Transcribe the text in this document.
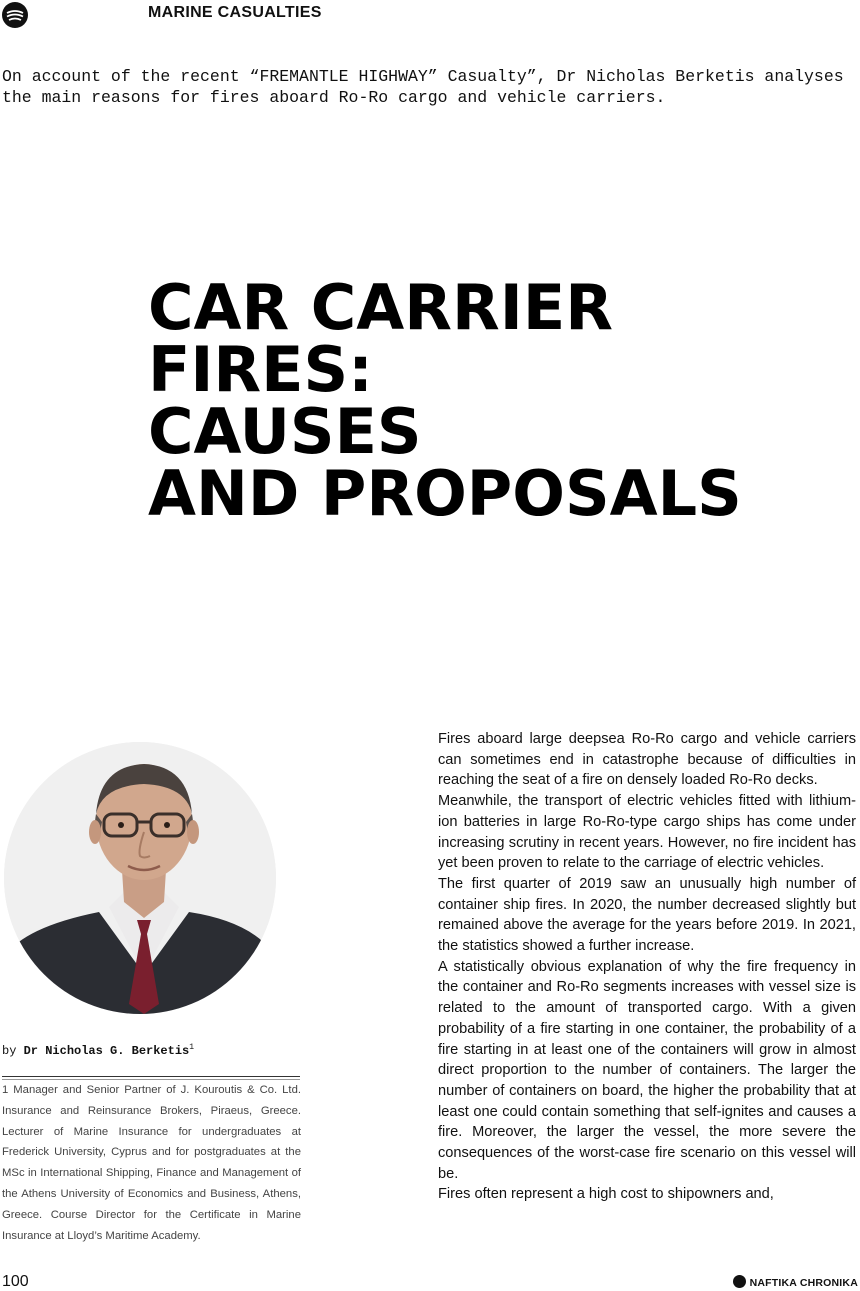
MARINE CASUALTIES
On account of the recent “FREMANTLE HIGHWAY” Casualty”, Dr Nicholas Berketis analyses the main reasons for fires aboard Ro-Ro cargo and vehicle carriers.
CAR CARRIER
FIRES:
CAUSES
AND PROPOSALS
by Dr Nicholas G. Berketis$^1$
1 Manager and Senior Partner of J. Kouroutis & Co. Ltd. Insurance and Reinsurance Brokers, Piraeus, Greece. Lecturer of Marine Insurance for undergraduates at Frederick University, Cyprus and for postgraduates at the MSc in International Shipping, Finance and Management of the Athens University of Economics and Business, Athens, Greece. Course Director for the Certificate in Marine Insurance at Lloyd’s Maritime Academy.

Fires aboard large deepsea Ro-Ro cargo and vehicle carriers can sometimes end in catastrophe because of difficulties in reaching the seat of a fire on densely loaded Ro-Ro decks.

Meanwhile, the transport of electric vehicles fitted with lithium-ion batteries in large Ro-Ro-type cargo ships has come under increasing scrutiny in recent years. However, no fire incident has yet been proven to relate to the carriage of electric vehicles.

The first quarter of 2019 saw an unusually high number of container ship fires. In 2020, the number decreased slightly but remained above the average for the years before 2019. In 2021, the statistics showed a further increase.

A statistically obvious explanation of why the fire frequency in the container and Ro-Ro segments increases with vessel size is related to the amount of transported cargo. With a given probability of a fire starting in one container, the probability of a fire starting in at least one of the containers will grow in almost direct proportion to the number of containers. The larger the number of containers on board, the higher the probability that at least one could contain something that self-ignites and causes a fire. Moreover, the larger the vessel, the more severe the consequences of the worst-case fire scenario on this vessel will be.

Fires often represent a high cost to shipowners and,

100	NAFTIKA CHRONIKA
